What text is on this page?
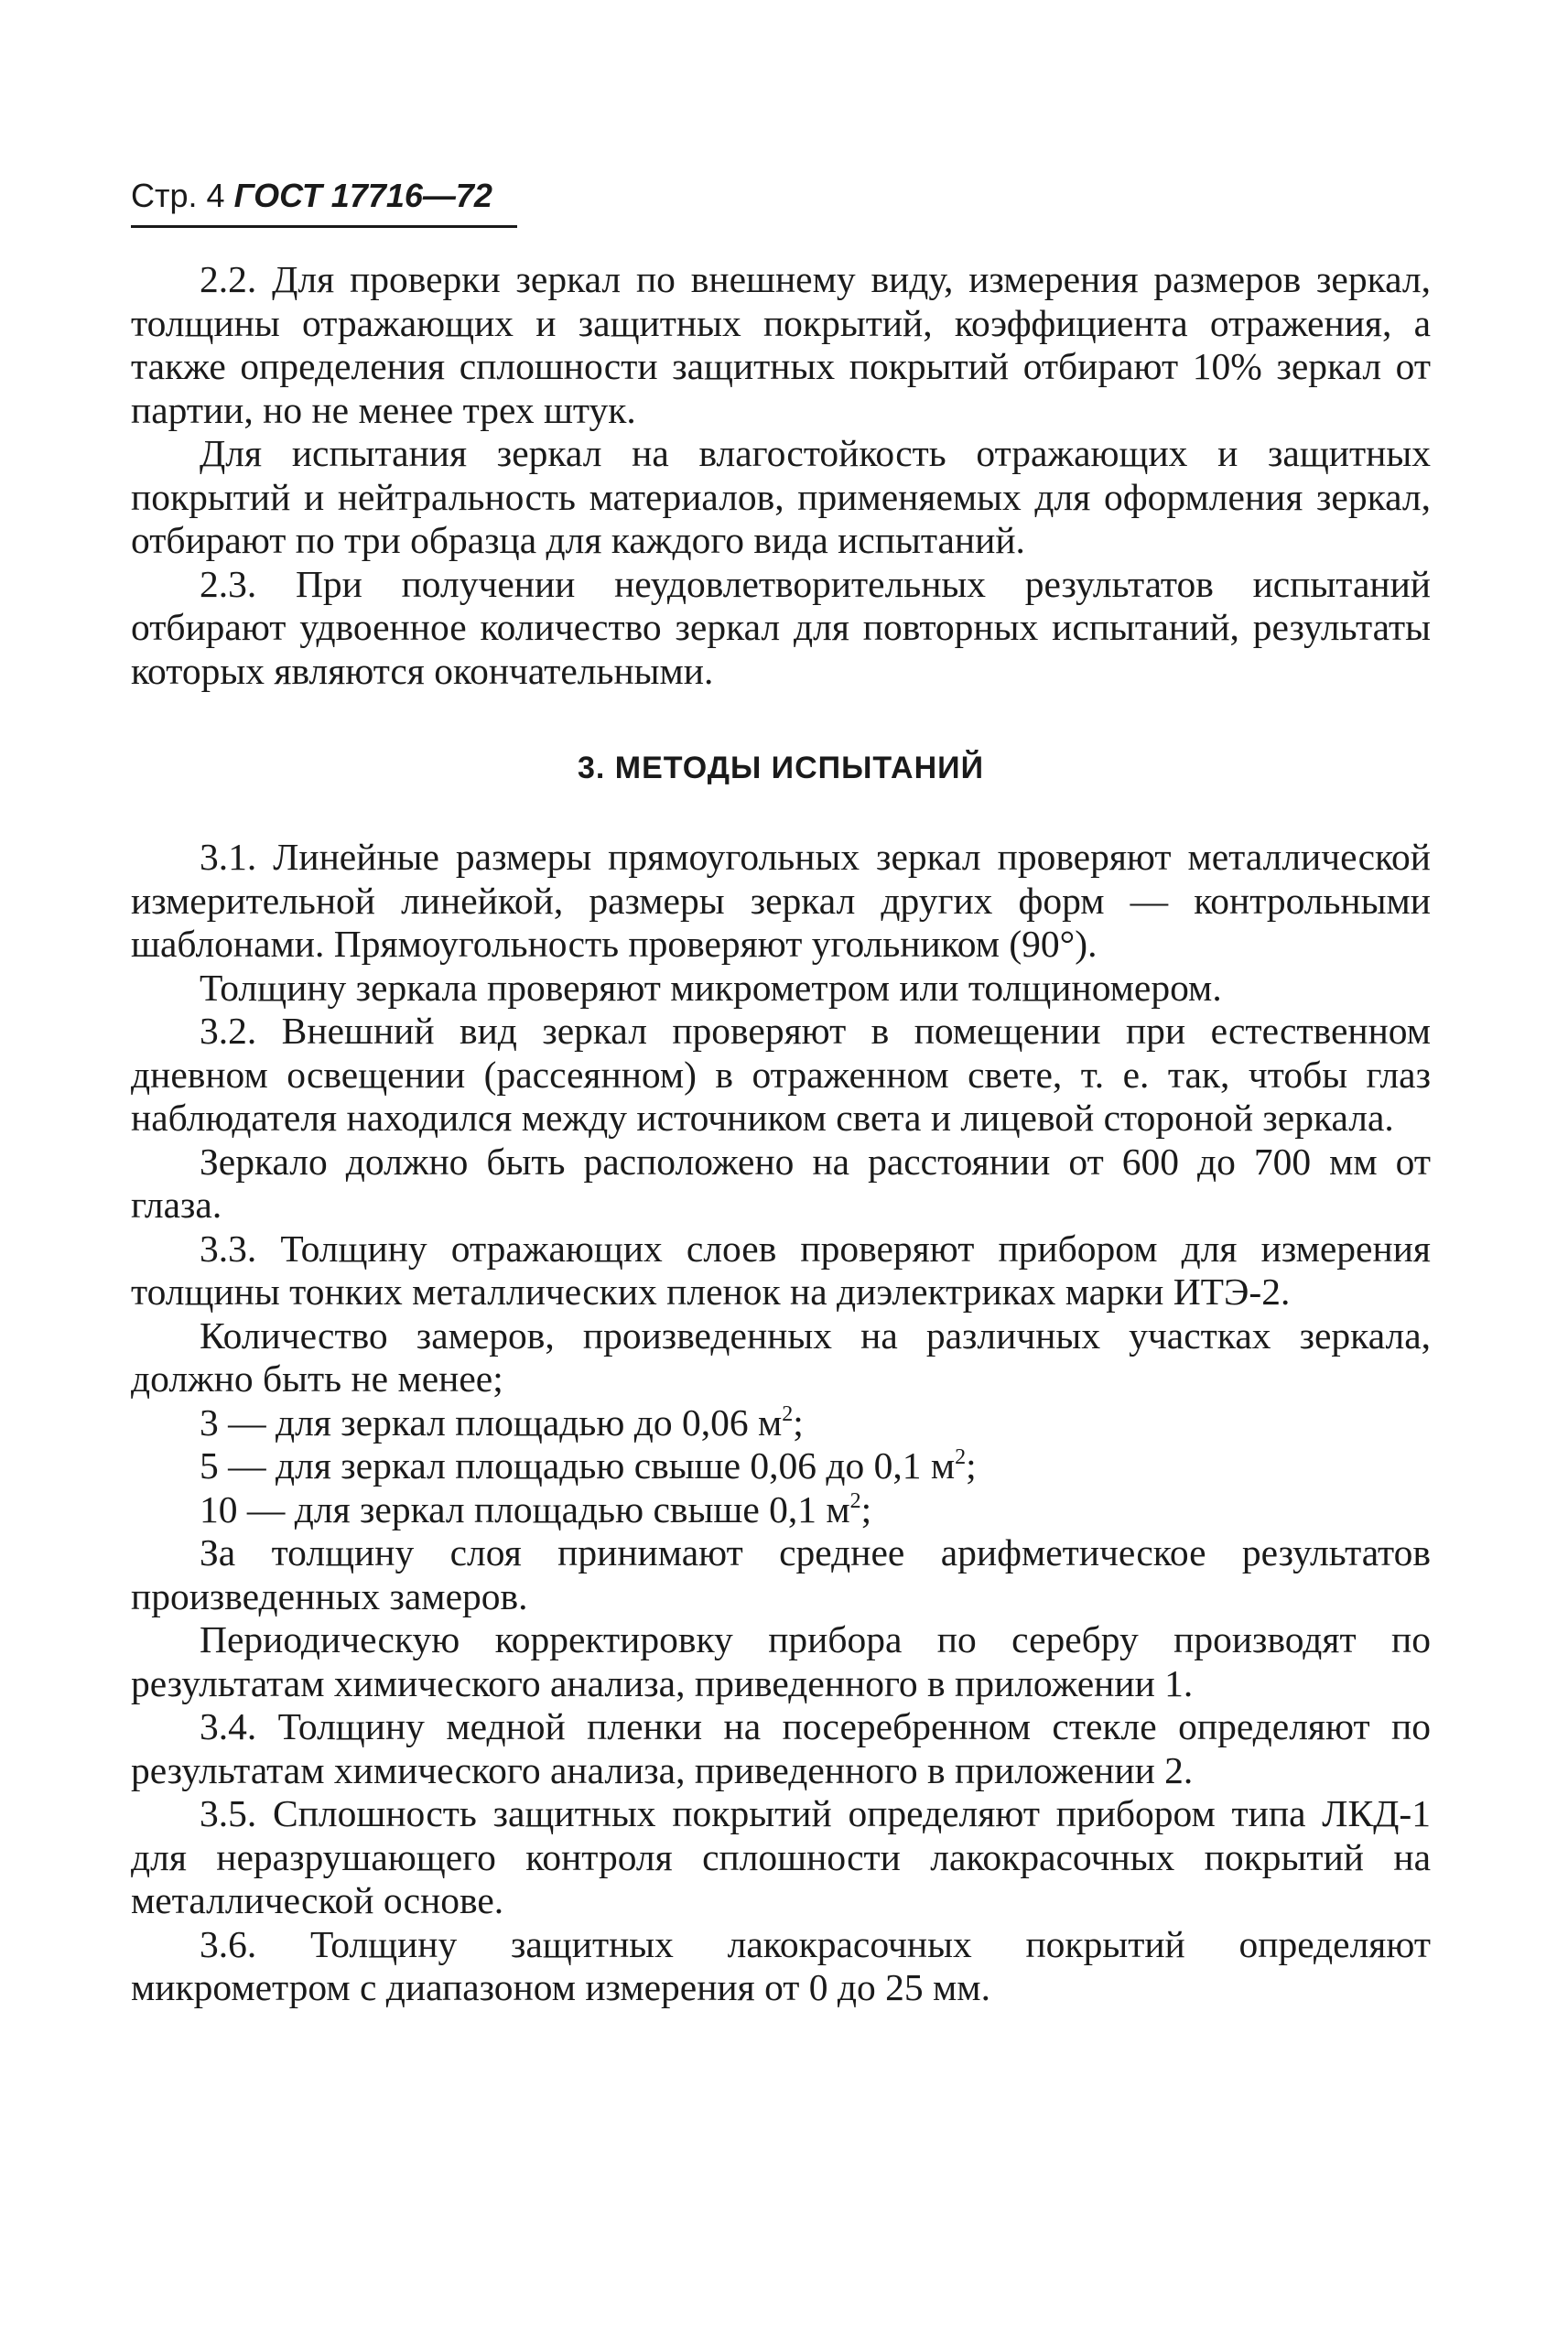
Стр. 4 ГОСТ 17716—72

2.2. Для проверки зеркал по внешнему виду, измерения размеров зеркал, толщины отражающих и защитных покрытий, коэффициента отражения, а также определения сплошности защитных покрытий отбирают 10% зеркал от партии, но не менее трех штук.

Для испытания зеркал на влагостойкость отражающих и защитных покрытий и нейтральность материалов, применяемых для оформления зеркал, отбирают по три образца для каждого вида испытаний.

2.3. При получении неудовлетворительных результатов испытаний отбирают удвоенное количество зеркал для повторных испытаний, результаты которых являются окончательными.

3. МЕТОДЫ ИСПЫТАНИЙ

3.1. Линейные размеры прямоугольных зеркал проверяют металлической измерительной линейкой, размеры зеркал других форм — контрольными шаблонами. Прямоугольность проверяют угольником (90°).

Толщину зеркала проверяют микрометром или толщиномером.

3.2. Внешний вид зеркал проверяют в помещении при естественном дневном освещении (рассеянном) в отраженном свете, т. е. так, чтобы глаз наблюдателя находился между источником света и лицевой стороной зеркала.

Зеркало должно быть расположено на расстоянии от 600 до 700 мм от глаза.

3.3. Толщину отражающих слоев проверяют прибором для измерения толщины тонких металлических пленок на диэлектриках марки ИТЭ-2.

Количество замеров, произведенных на различных участках зеркала, должно быть не менее;

3 — для зеркал площадью до 0,06 $м^2$;

5 — для зеркал площадью свыше 0,06 до 0,1 $м^2$;

10 — для зеркал площадью свыше 0,1 $м^2$;

За толщину слоя принимают среднее арифметическое результатов произведенных замеров.

Периодическую корректировку прибора по серебру производят по результатам химического анализа, приведенного в приложении 1.

3.4. Толщину медной пленки на посеребренном стекле определяют по результатам химического анализа, приведенного в приложении 2.

3.5. Сплошность защитных покрытий определяют прибором типа ЛКД-1 для неразрушающего контроля сплошности лакокрасочных покрытий на металлической основе.

3.6. Толщину защитных лакокрасочных покрытий определяют микрометром с диапазоном измерения от 0 до 25 мм.
